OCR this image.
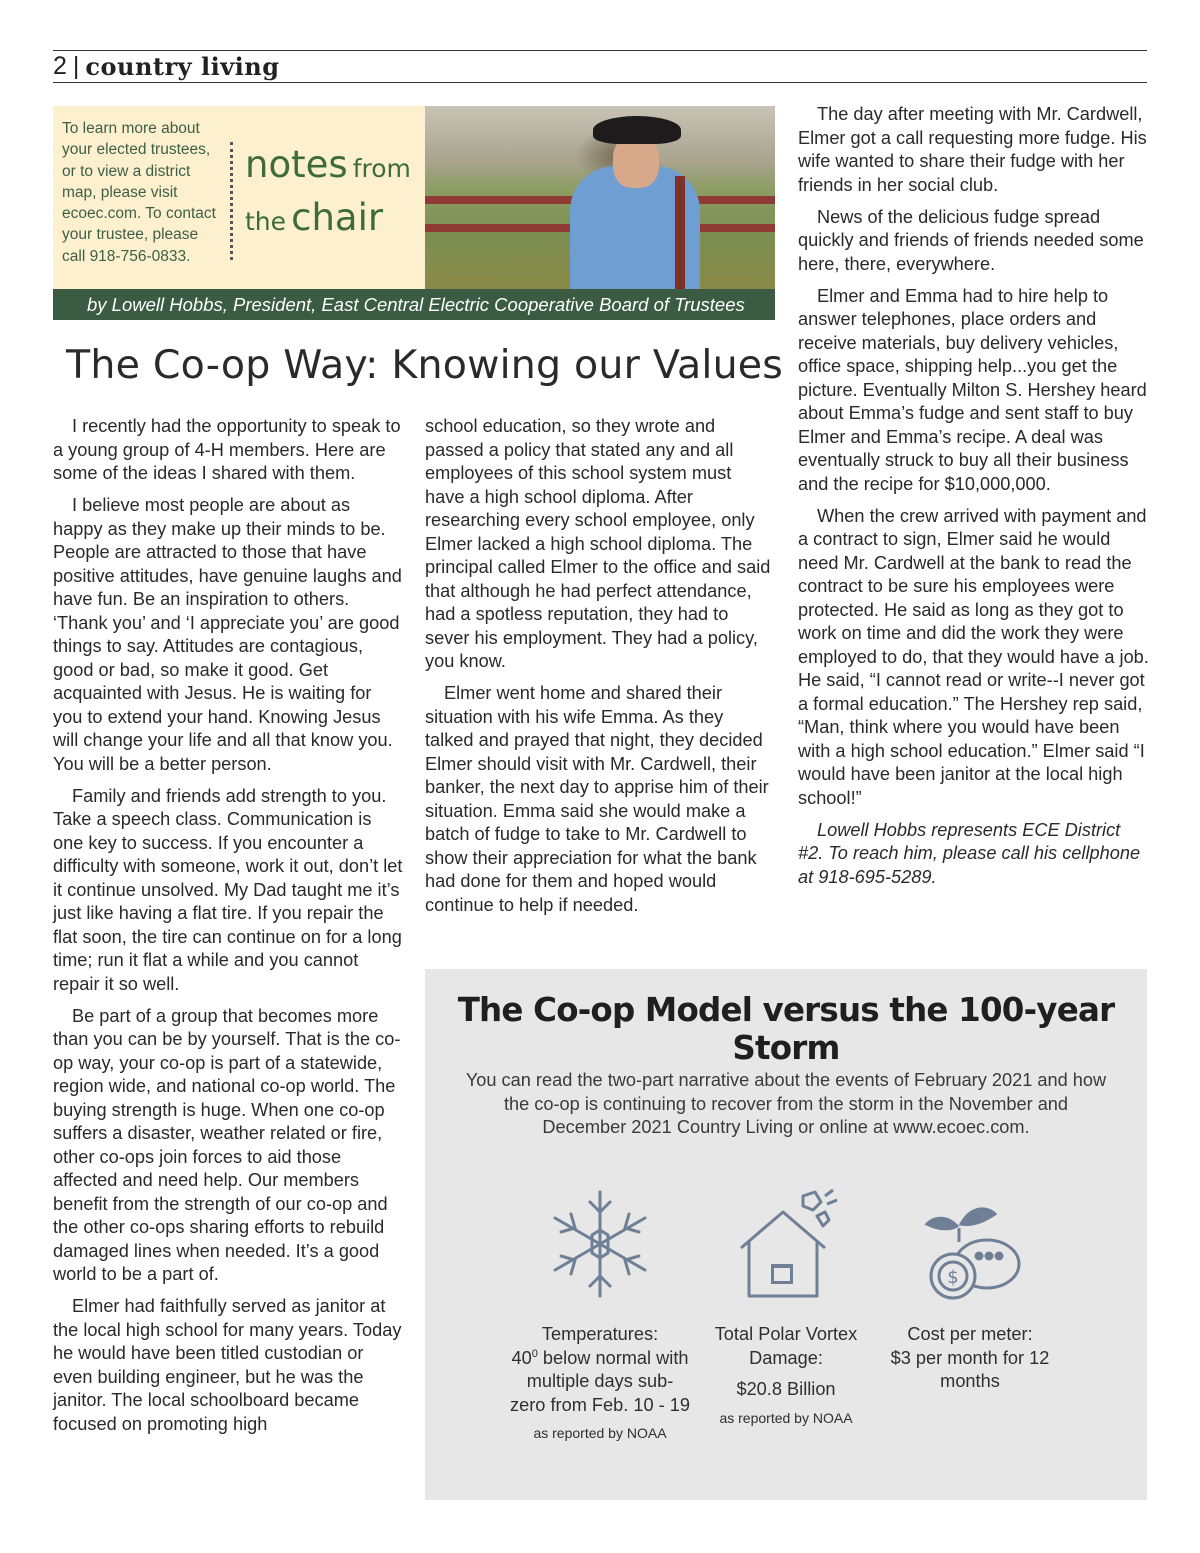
2 | country living
To learn more about your elected trustees, or to view a district map, please visit ecoec.com. To contact your trustee, please call 918-756-0833.
notes from
the chair
by Lowell Hobbs, President, East Central Electric Cooperative Board of Trustees
The Co-op Way: Knowing our Values

I recently had the opportunity to speak to a young group of 4-H members. Here are some of the ideas I shared with them.

I believe most people are about as happy as they make up their minds to be. People are attracted to those that have positive attitudes, have genuine laughs and have fun. Be an inspiration to others. ‘Thank you’ and ‘I appreciate you’ are good things to say. Attitudes are contagious, good or bad, so make it good. Get acquainted with Jesus. He is waiting for you to extend your hand. Knowing Jesus will change your life and all that know you. You will be a better person.

Family and friends add strength to you. Take a speech class. Communication is one key to success. If you encounter a difficulty with someone, work it out, don’t let it continue unsolved. My Dad taught me it’s just like having a flat tire. If you repair the flat soon, the tire can continue on for a long time; run it flat a while and you cannot repair it so well.

Be part of a group that becomes more than you can be by yourself. That is the co-op way, your co-op is part of a statewide, region wide, and national co-op world. The buying strength is huge. When one co-op suffers a disaster, weather related or fire, other co-ops join forces to aid those affected and need help. Our members benefit from the strength of our co-op and the other co-ops sharing efforts to rebuild damaged lines when needed. It’s a good world to be a part of.

Elmer had faithfully served as janitor at the local high school for many years. Today he would have been titled custodian or even building engineer, but he was the janitor. The local schoolboard became focused on promoting high

school education, so they wrote and passed a policy that stated any and all employees of this school system must have a high school diploma. After researching every school employee, only Elmer lacked a high school diploma. The principal called Elmer to the office and said that although he had perfect attendance, had a spotless reputation, they had to sever his employment. They had a policy, you know.

Elmer went home and shared their situation with his wife Emma. As they talked and prayed that night, they decided Elmer should visit with Mr. Cardwell, their banker, the next day to apprise him of their situation. Emma said she would make a batch of fudge to take to Mr. Cardwell to show their appreciation for what the bank had done for them and hoped would continue to help if needed.

The day after meeting with Mr. Cardwell, Elmer got a call requesting more fudge. His wife wanted to share their fudge with her friends in her social club.

News of the delicious fudge spread quickly and friends of friends needed some here, there, everywhere.

Elmer and Emma had to hire help to answer telephones, place orders and receive materials, buy delivery vehicles, office space, shipping help...you get the picture. Eventually Milton S. Hershey heard about Emma’s fudge and sent staff to buy Elmer and Emma’s recipe. A deal was eventually struck to buy all their business and the recipe for $10,000,000.

When the crew arrived with payment and a contract to sign, Elmer said he would need Mr. Cardwell at the bank to read the contract to be sure his employees were protected. He said as long as they got to work on time and did the work they were employed to do, that they would have a job. He said, “I cannot read or write--I never got a formal education.” The Hershey rep said, “Man, think where you would have been with a high school education.” Elmer said “I would have been janitor at the local high school!”

Lowell Hobbs represents ECE District #2. To reach him, please call his cellphone at 918-695-5289.

The Co-op Model versus the 100-year Storm
You can read the two-part narrative about the events of February 2021 and how the co-op is continuing to recover from the storm in the November and December 2021 Country Living or online at www.ecoec.com.
$
Temperatures:
$40^0$ below normal with multiple days sub-zero from Feb. 10 - 19
as reported by NOAA
Total Polar Vortex Damage:
$20.8 Billion
as reported by NOAA
Cost per meter:
$3 per month for 12 months
